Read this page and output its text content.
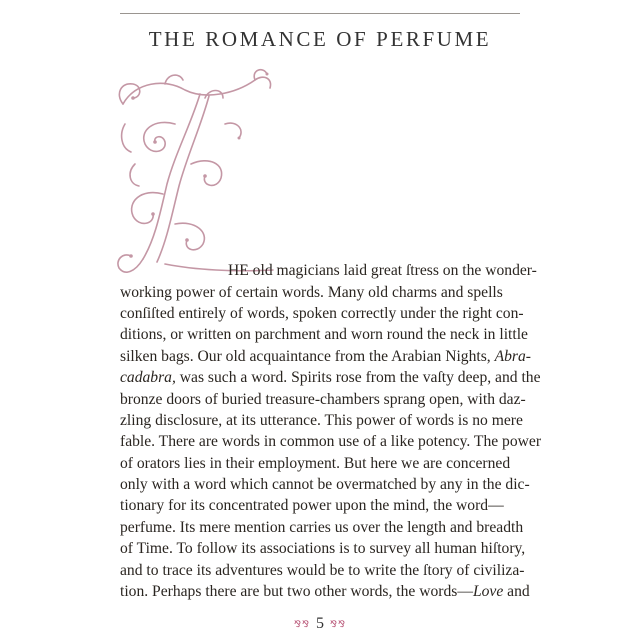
THE ROMANCE OF PERFUME
HE old magicians laid great ſtress on the wonder-
working power of certain words. Many old charms and spells
conſiſted entirely of words, spoken correctly under the right con-
ditions, or written on parchment and worn round the neck in little
silken bags. Our old acquaintance from the Arabian Nights, Abra-
cadabra, was such a word. Spirits rose from the vaſty deep, and the
bronze doors of buried treasure-chambers sprang open, with daz-
zling disclosure, at its utterance. This power of words is no mere
fable. There are words in common use of a like potency. The power
of orators lies in their employment. But here we are concerned
only with a word which cannot be overmatched by any in the dic-
tionary for its concentrated power upon the mind, the word—
perfume. Its mere mention carries us over the length and breadth
of Time. To follow its associations is to survey all human hiſtory,
and to trace its adventures would be to write the ſtory of civiliza-
tion. Perhaps there are but two other words, the words—Love and
⅋⅋ 5 ⅋⅋
